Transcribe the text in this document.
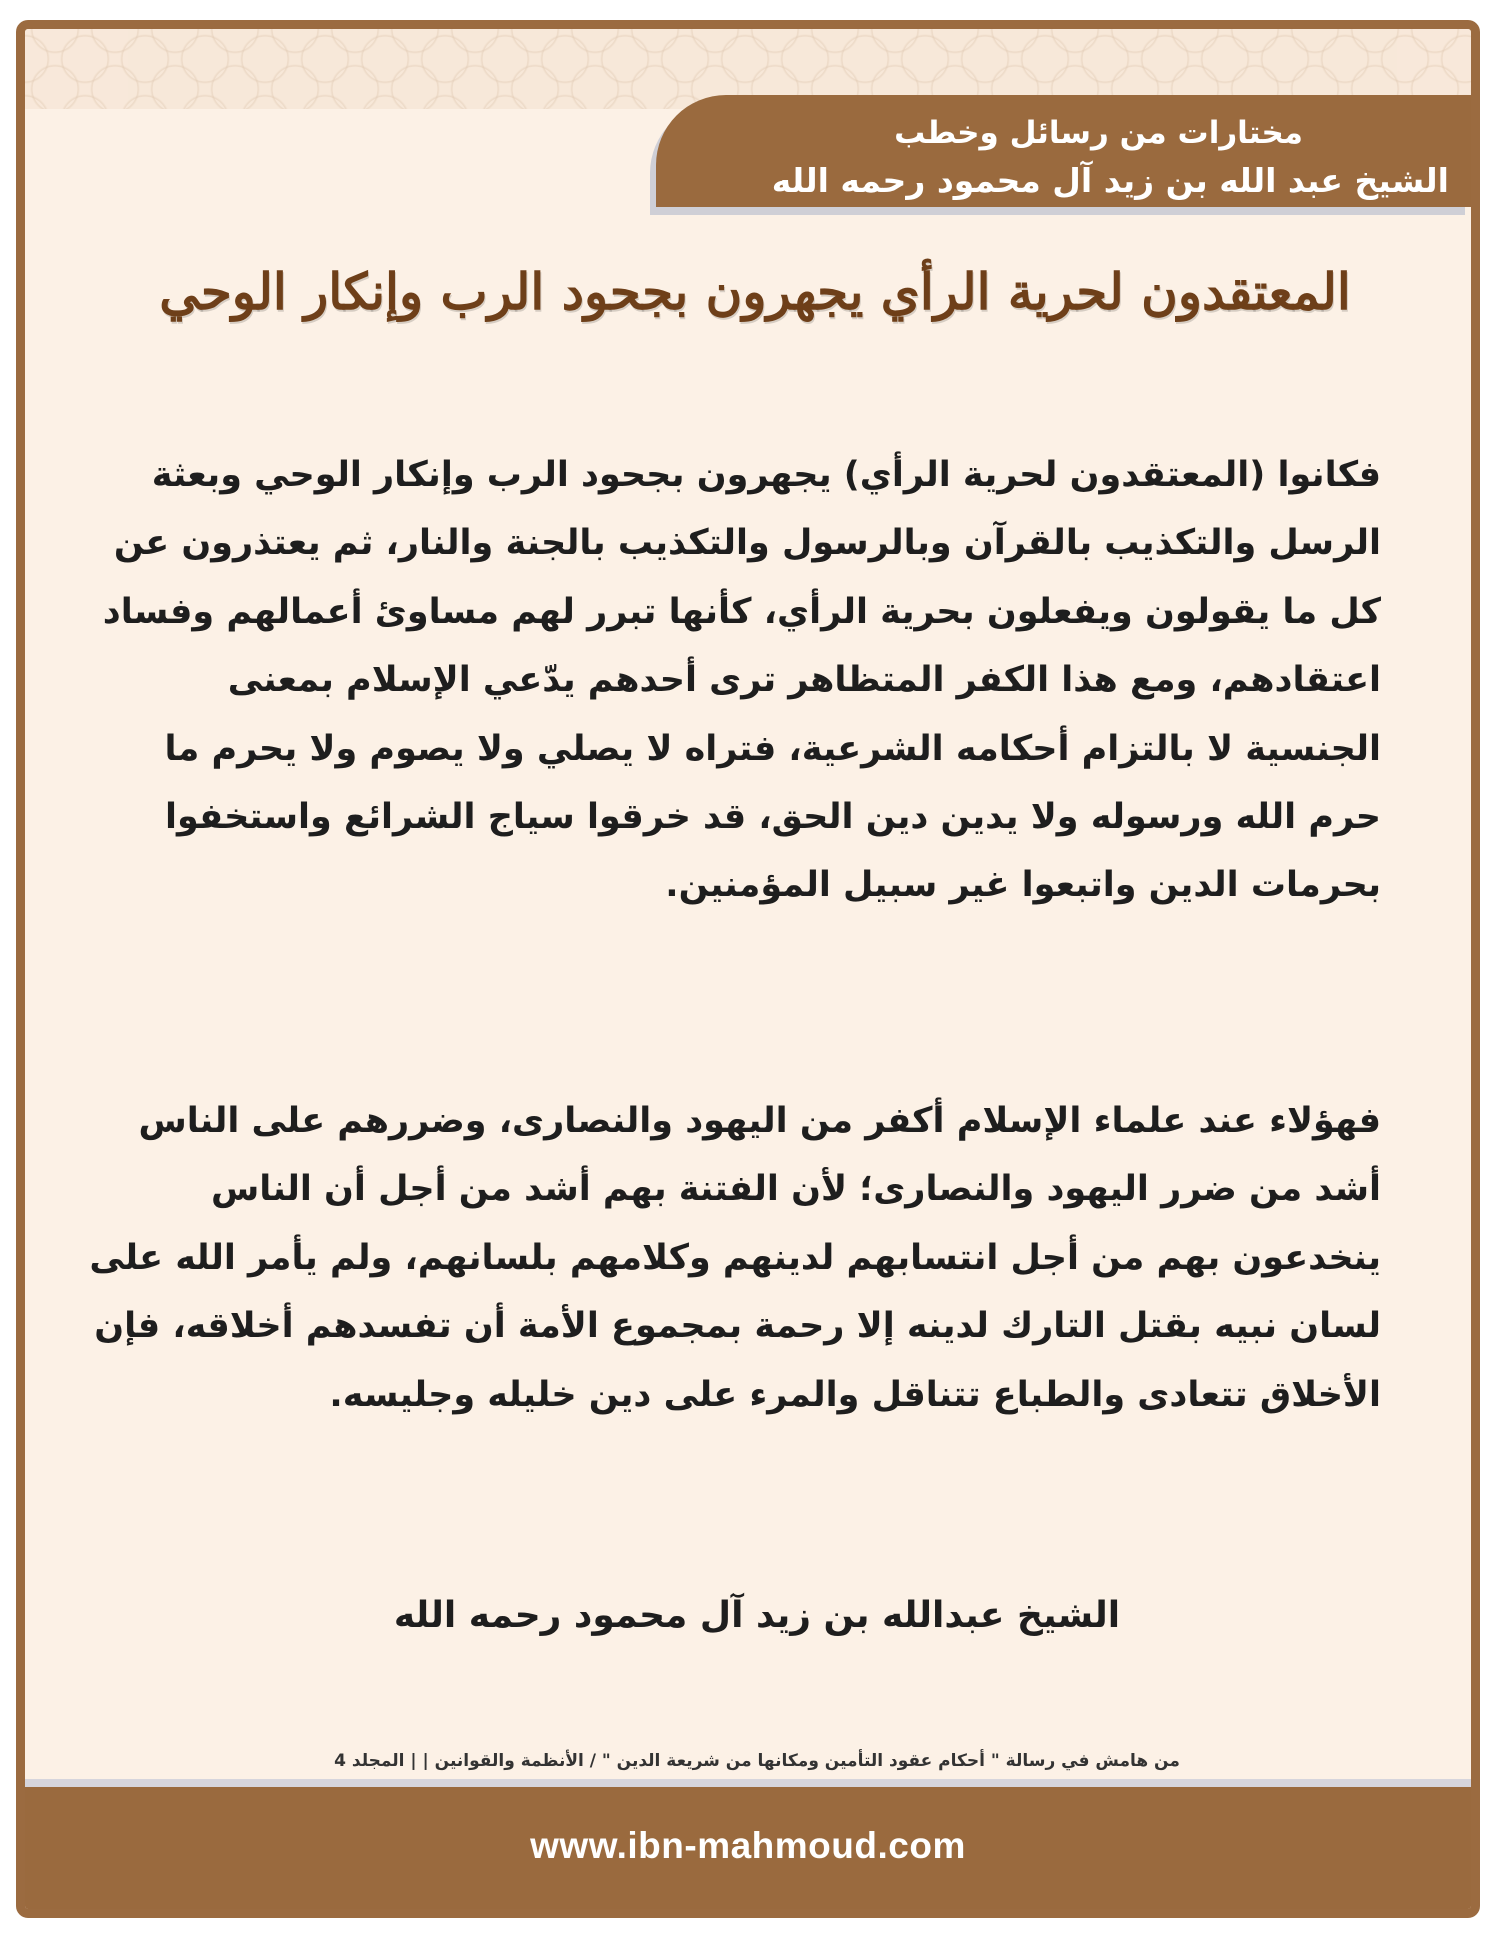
مختارات من رسائل وخطب
الشيخ عبد الله بن زيد آل محمود رحمه الله
المعتقدون لحرية الرأي يجهرون بجحود الرب وإنكار الوحي
فكانوا (المعتقدون لحرية الرأي) يجهرون بجحود الرب وإنكار الوحي وبعثة الرسل والتكذيب بالقرآن وبالرسول والتكذيب بالجنة والنار، ثم يعتذرون عن كل ما يقولون ويفعلون بحرية الرأي، كأنها تبرر لهم مساوئ أعمالهم وفساد اعتقادهم، ومع هذا الكفر المتظاهر ترى أحدهم يدّعي الإسلام بمعنى الجنسية لا بالتزام أحكامه الشرعية، فتراه لا يصلي ولا يصوم ولا يحرم ما حرم الله ورسوله ولا يدين دين الحق، قد خرقوا سياج الشرائع واستخفوا بحرمات الدين واتبعوا غير سبيل المؤمنين.
فهؤلاء عند علماء الإسلام أكفر من اليهود والنصارى، وضررهم على الناس أشد من ضرر اليهود والنصارى؛ لأن الفتنة بهم أشد من أجل أن الناس ينخدعون بهم من أجل انتسابهم لدينهم وكلامهم بلسانهم، ولم يأمر الله على لسان نبيه بقتل التارك لدينه إلا رحمة بمجموع الأمة أن تفسدهم أخلاقه، فإن الأخلاق تتعادى والطباع تتناقل والمرء على دين خليله وجليسه.
الشيخ عبدالله بن زيد آل محمود رحمه الله
من هامش في رسالة " أحكام عقود التأمين ومكانها من شريعة الدين " / الأنظمة والقوانين | | المجلد 4
www.ibn-mahmoud.com
